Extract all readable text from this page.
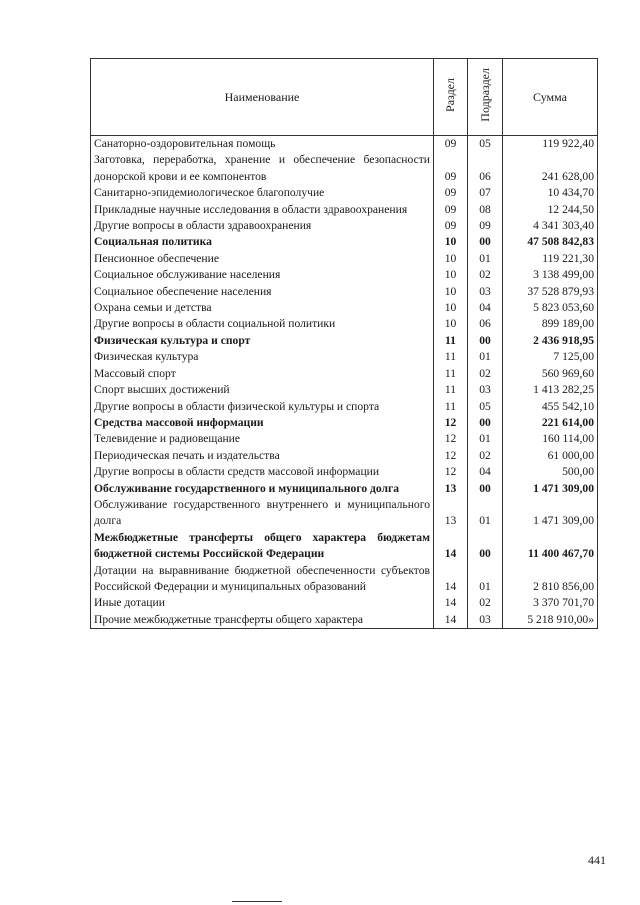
Наименование	Раздел	Подраздел	Сумма
Санаторно-оздоровительная помощь	09	05	119 922,40
Заготовка, переработка, хранение и обеспечение безопасности донорской крови и ее компонентов	09	06	241 628,00
Санитарно-эпидемиологическое благополучие	09	07	10 434,70
Прикладные научные исследования в области здравоохранения	09	08	12 244,50
Другие вопросы в области здравоохранения	09	09	4 341 303,40
Социальная политика	10	00	47 508 842,83
Пенсионное обеспечение	10	01	119 221,30
Социальное обслуживание населения	10	02	3 138 499,00
Социальное обеспечение населения	10	03	37 528 879,93
Охрана семьи и детства	10	04	5 823 053,60
Другие вопросы в области социальной политики	10	06	899 189,00
Физическая культура и спорт	11	00	2 436 918,95
Физическая культура	11	01	7 125,00
Массовый спорт	11	02	560 969,60
Спорт высших достижений	11	03	1 413 282,25
Другие вопросы в области физической культуры и спорта	11	05	455 542,10
Средства массовой информации	12	00	221 614,00
Телевидение и радиовещание	12	01	160 114,00
Периодическая печать и издательства	12	02	61 000,00
Другие вопросы в области средств массовой информации	12	04	500,00
Обслуживание государственного и муниципального долга	13	00	1 471 309,00
Обслуживание государственного внутреннего и муниципального долга	13	01	1 471 309,00
Межбюджетные трансферты общего характера бюджетам бюджетной системы Российской Федерации	14	00	11 400 467,70
Дотации на выравнивание бюджетной обеспеченности субъектов Российской Федерации и муниципальных образований	14	01	2 810 856,00
Иные дотации	14	02	3 370 701,70
Прочие межбюджетные трансферты общего характера	14	03	5 218 910,00»
441
